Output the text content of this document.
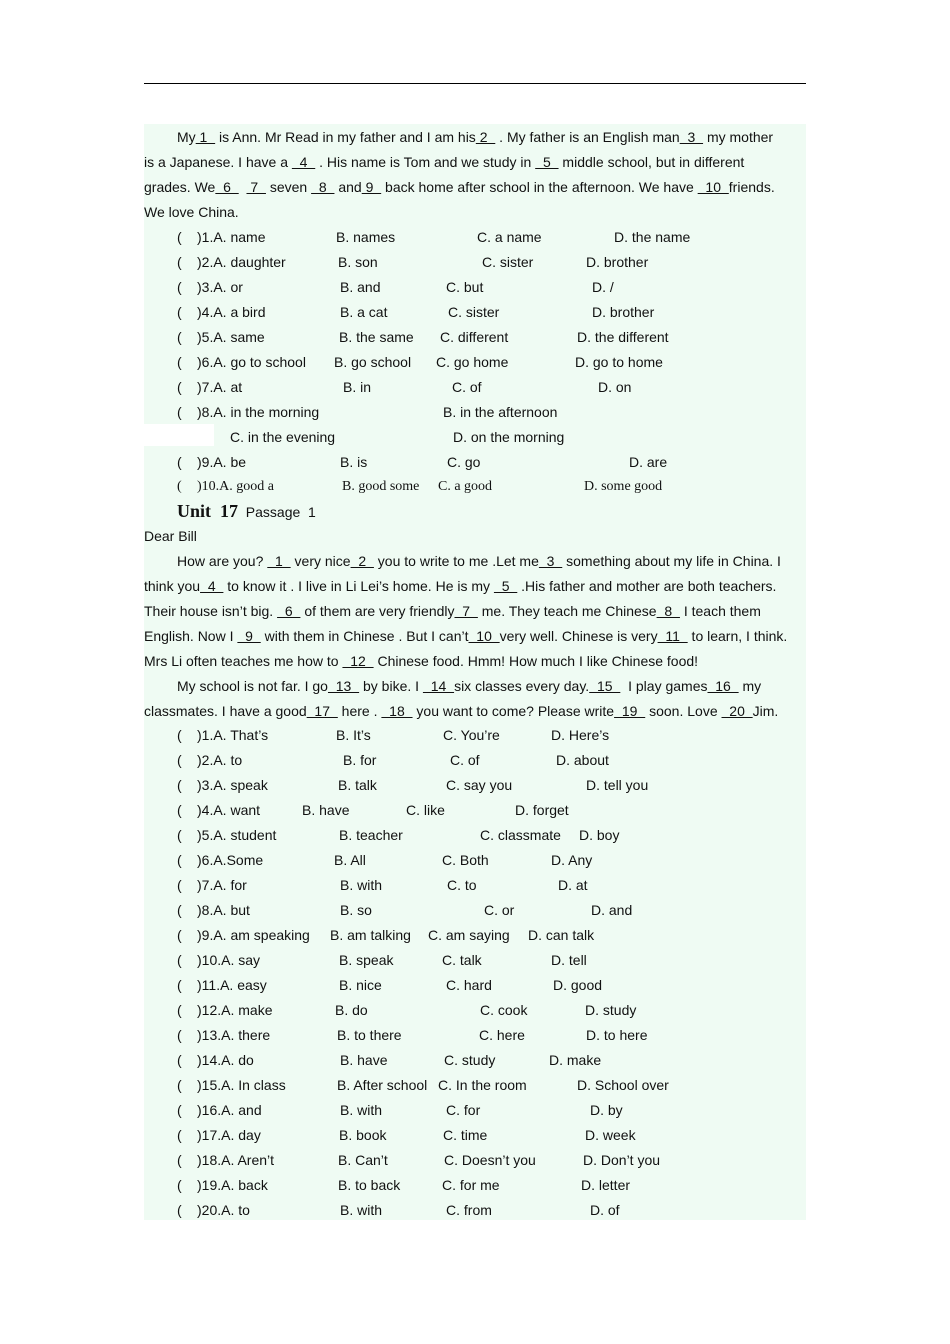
My 1   is Ann. Mr Read in my father and I am his 2   . My father is an English man  3   my mother
is a Japanese. I have a   4   . His name is Tom and we study in   5   middle school, but in different
grades. We  6     7   seven   8   and 9   back home after school in the afternoon. We have   10  friends.
We love China.
( )1.A. name	B. names	C. a name	D. the name
( )2.A. daughter	B. son	C. sister	D. brother
( )3.A. or	B. and	C. but	D. /
( )4.A. a bird	B. a cat	C. sister	D. brother
( )5.A. same	B. the same C. different	D. the different
( )6.A. go to school B. go school C. go home	D. go to home
( )7.A. at	B. in	C. of	D. on
( )8.A. in the morning	B. in the afternoon
C. in the evening	D. on the morning
( )9.A. be	B. is	C. go	D. are
( )10.A. good a	B. good some C. a good	D. some good
Unit  17 Passage  1
Dear Bill
How are you?   1   very nice  2   you to write to me .Let me  3   something about my life in China. I
think you  4   to know it . I live in Li Lei’s home. He is my   5   .His father and mother are both teachers.
Their house isn’t big.   6   of them are very friendly  7   me. They teach me Chinese  8   I teach them
English. Now I   9   with them in Chinese . But I can’t  10  very well. Chinese is very  11   to learn, I think.
Mrs Li often teaches me how to   12   Chinese food. Hmm! How much I like Chinese food!
My school is not far. I go  13   by bike. I   14  six classes every day.  15    I play games  16   my
classmates. I have a good  17   here .   18   you want to come? Please write  19   soon. Love   20  Jim.
( )1.A. That’s	B. It’s	C. You’re	D. Here’s
( )2.A. to	B. for	C. of	D. about
( )3.A. speak	B. talk	C. say you	D. tell you
( )4.A. want	B. have	C. like	D. forget
( )5.A. student	B. teacher	C. classmate D. boy
( )6.A.Some	B. All	C. Both	D. Any
( )7.A. for	B. with	C. to	D. at
( )8.A. but	B. so	C. or	D. and
( )9.A. am speaking B. am talking C. am saying D. can talk
( )10.A. say	B. speak	C. talk	D. tell
( )11.A. easy	B. nice	C. hard	D. good
( )12.A. make	B. do	C. cook	D. study
( )13.A. there	B. to there	C. here	D. to here
( )14.A. do	B. have	C. study	D. make
( )15.A. In class	B. After school C. In the room	D. School over
( )16.A. and	B. with	C. for	D. by
( )17.A. day	B. book	C. time	D. week
( )18.A. Aren’t	B. Can’t	C. Doesn’t you	D. Don’t you
( )19.A. back	B. to back	C. for me	D. letter
( )20.A. to	B. with	C. from	D. of
